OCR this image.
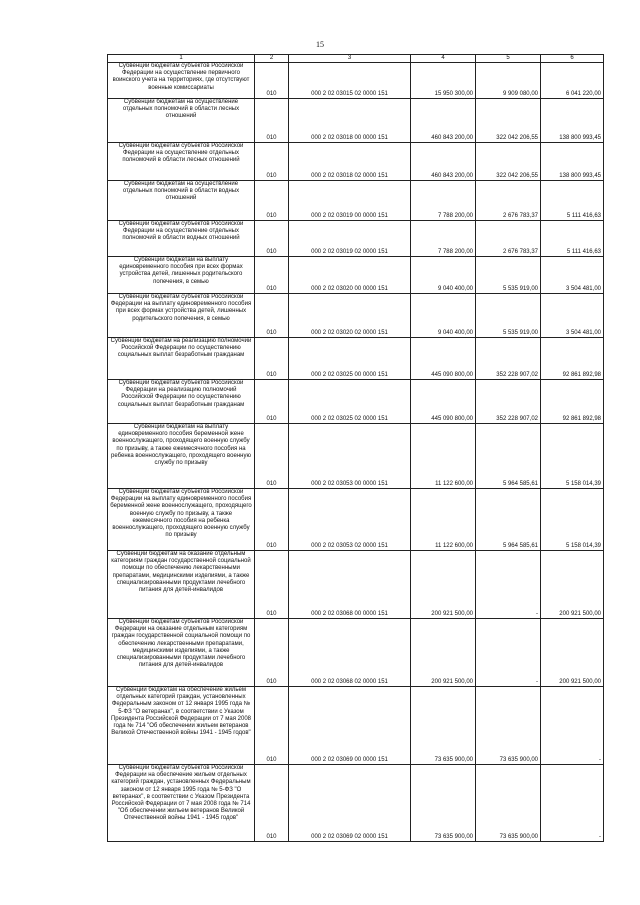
15
1	2	3	4	5	6
Субвенции бюджетам субъектов Российской Федерации на осуществление первичного воинского учета на территориях, где отсутствуют военные комиссариаты	010	000 2 02 03015 02 0000 151	15 950 300,00	9 909 080,00	6 041 220,00
Субвенции бюджетам на осуществление отдельных полномочий в области лесных отношений	010	000 2 02 03018 00 0000 151	460 843 200,00	322 042 206,55	138 800 993,45
Субвенции бюджетам субъектов Российской Федерации на осуществление отдельных полномочий в области лесных отношений	010	000 2 02 03018 02 0000 151	460 843 200,00	322 042 206,55	138 800 993,45
Субвенции бюджетам на осуществление отдельных полномочий в области водных отношений	010	000 2 02 03019 00 0000 151	7 788 200,00	2 676 783,37	5 111 416,63
Субвенции бюджетам субъектов Российской Федерации на осуществление отдельных полномочий в области водных отношений	010	000 2 02 03019 02 0000 151	7 788 200,00	2 676 783,37	5 111 416,63
Субвенции бюджетам на выплату единовременного пособия при всех формах устройства детей, лишенных родительского попечения, в семью	010	000 2 02 03020 00 0000 151	9 040 400,00	5 535 919,00	3 504 481,00
Субвенции бюджетам субъектов Российской Федерации на выплату единовременного пособия при всех формах устройства детей, лишенных родительского попечения, в семью	010	000 2 02 03020 02 0000 151	9 040 400,00	5 535 919,00	3 504 481,00
Субвенции бюджетам на реализацию полномочий Российской Федерации по осуществлению социальных выплат безработным гражданам	010	000 2 02 03025 00 0000 151	445 090 800,00	352 228 907,02	92 861 892,98
Субвенции бюджетам субъектов Российской Федерации на реализацию полномочий Российской Федерации по осуществлению социальных выплат безработным гражданам	010	000 2 02 03025 02 0000 151	445 090 800,00	352 228 907,02	92 861 892,98
Субвенции бюджетам на выплату единовременного пособия беременной жене военнослужащего, проходящего военную службу по призыву, а также ежемесячного пособия на ребенка военнослужащего, проходящего военную службу по призыву	010	000 2 02 03053 00 0000 151	11 122 600,00	5 964 585,61	5 158 014,39
Субвенции бюджетам субъектов Российской Федерации на выплату единовременного пособия беременной жене военнослужащего, проходящего военную службу по призыву, а также ежемесячного пособия на ребенка военнослужащего, проходящего военную службу по призыву	010	000 2 02 03053 02 0000 151	11 122 600,00	5 964 585,61	5 158 014,39
Субвенции бюджетам на оказание отдельным категориям граждан государственной социальной помощи по обеспечению лекарственными препаратами, медицинскими изделиями, а также специализированными продуктами лечебного питания для детей-инвалидов	010	000 2 02 03068 00 0000 151	200 921 500,00	-	200 921 500,00
Субвенции бюджетам субъектов Российской Федерации на оказание отдельным категориям граждан государственной социальной помощи по обеспечению лекарственными препаратами, медицинскими изделиями, а также специализированными продуктами лечебного питания для детей-инвалидов	010	000 2 02 03068 02 0000 151	200 921 500,00	-	200 921 500,00
Субвенции бюджетам на обеспечение жильем отдельных категорий граждан, установленных Федеральным законом от 12 января 1995 года № 5-ФЗ "О ветеранах", в соответствии с Указом Президента Российской Федерации от 7 мая 2008 года № 714 "Об обеспечении жильем ветеранов Великой Отечественной войны 1941 - 1945 годов"	010	000 2 02 03069 00 0000 151	73 635 900,00	73 635 900,00	-
Субвенции бюджетам субъектов Российской Федерации на обеспечение жильем отдельных категорий граждан, установленных Федеральным законом от 12 января 1995 года № 5-ФЗ "О ветеранах", в соответствии с Указом Президента Российской Федерации от 7 мая 2008 года № 714 "Об обеспечении жильем ветеранов Великой Отечественной войны 1941 - 1945 годов"	010	000 2 02 03069 02 0000 151	73 635 900,00	73 635 900,00	-
